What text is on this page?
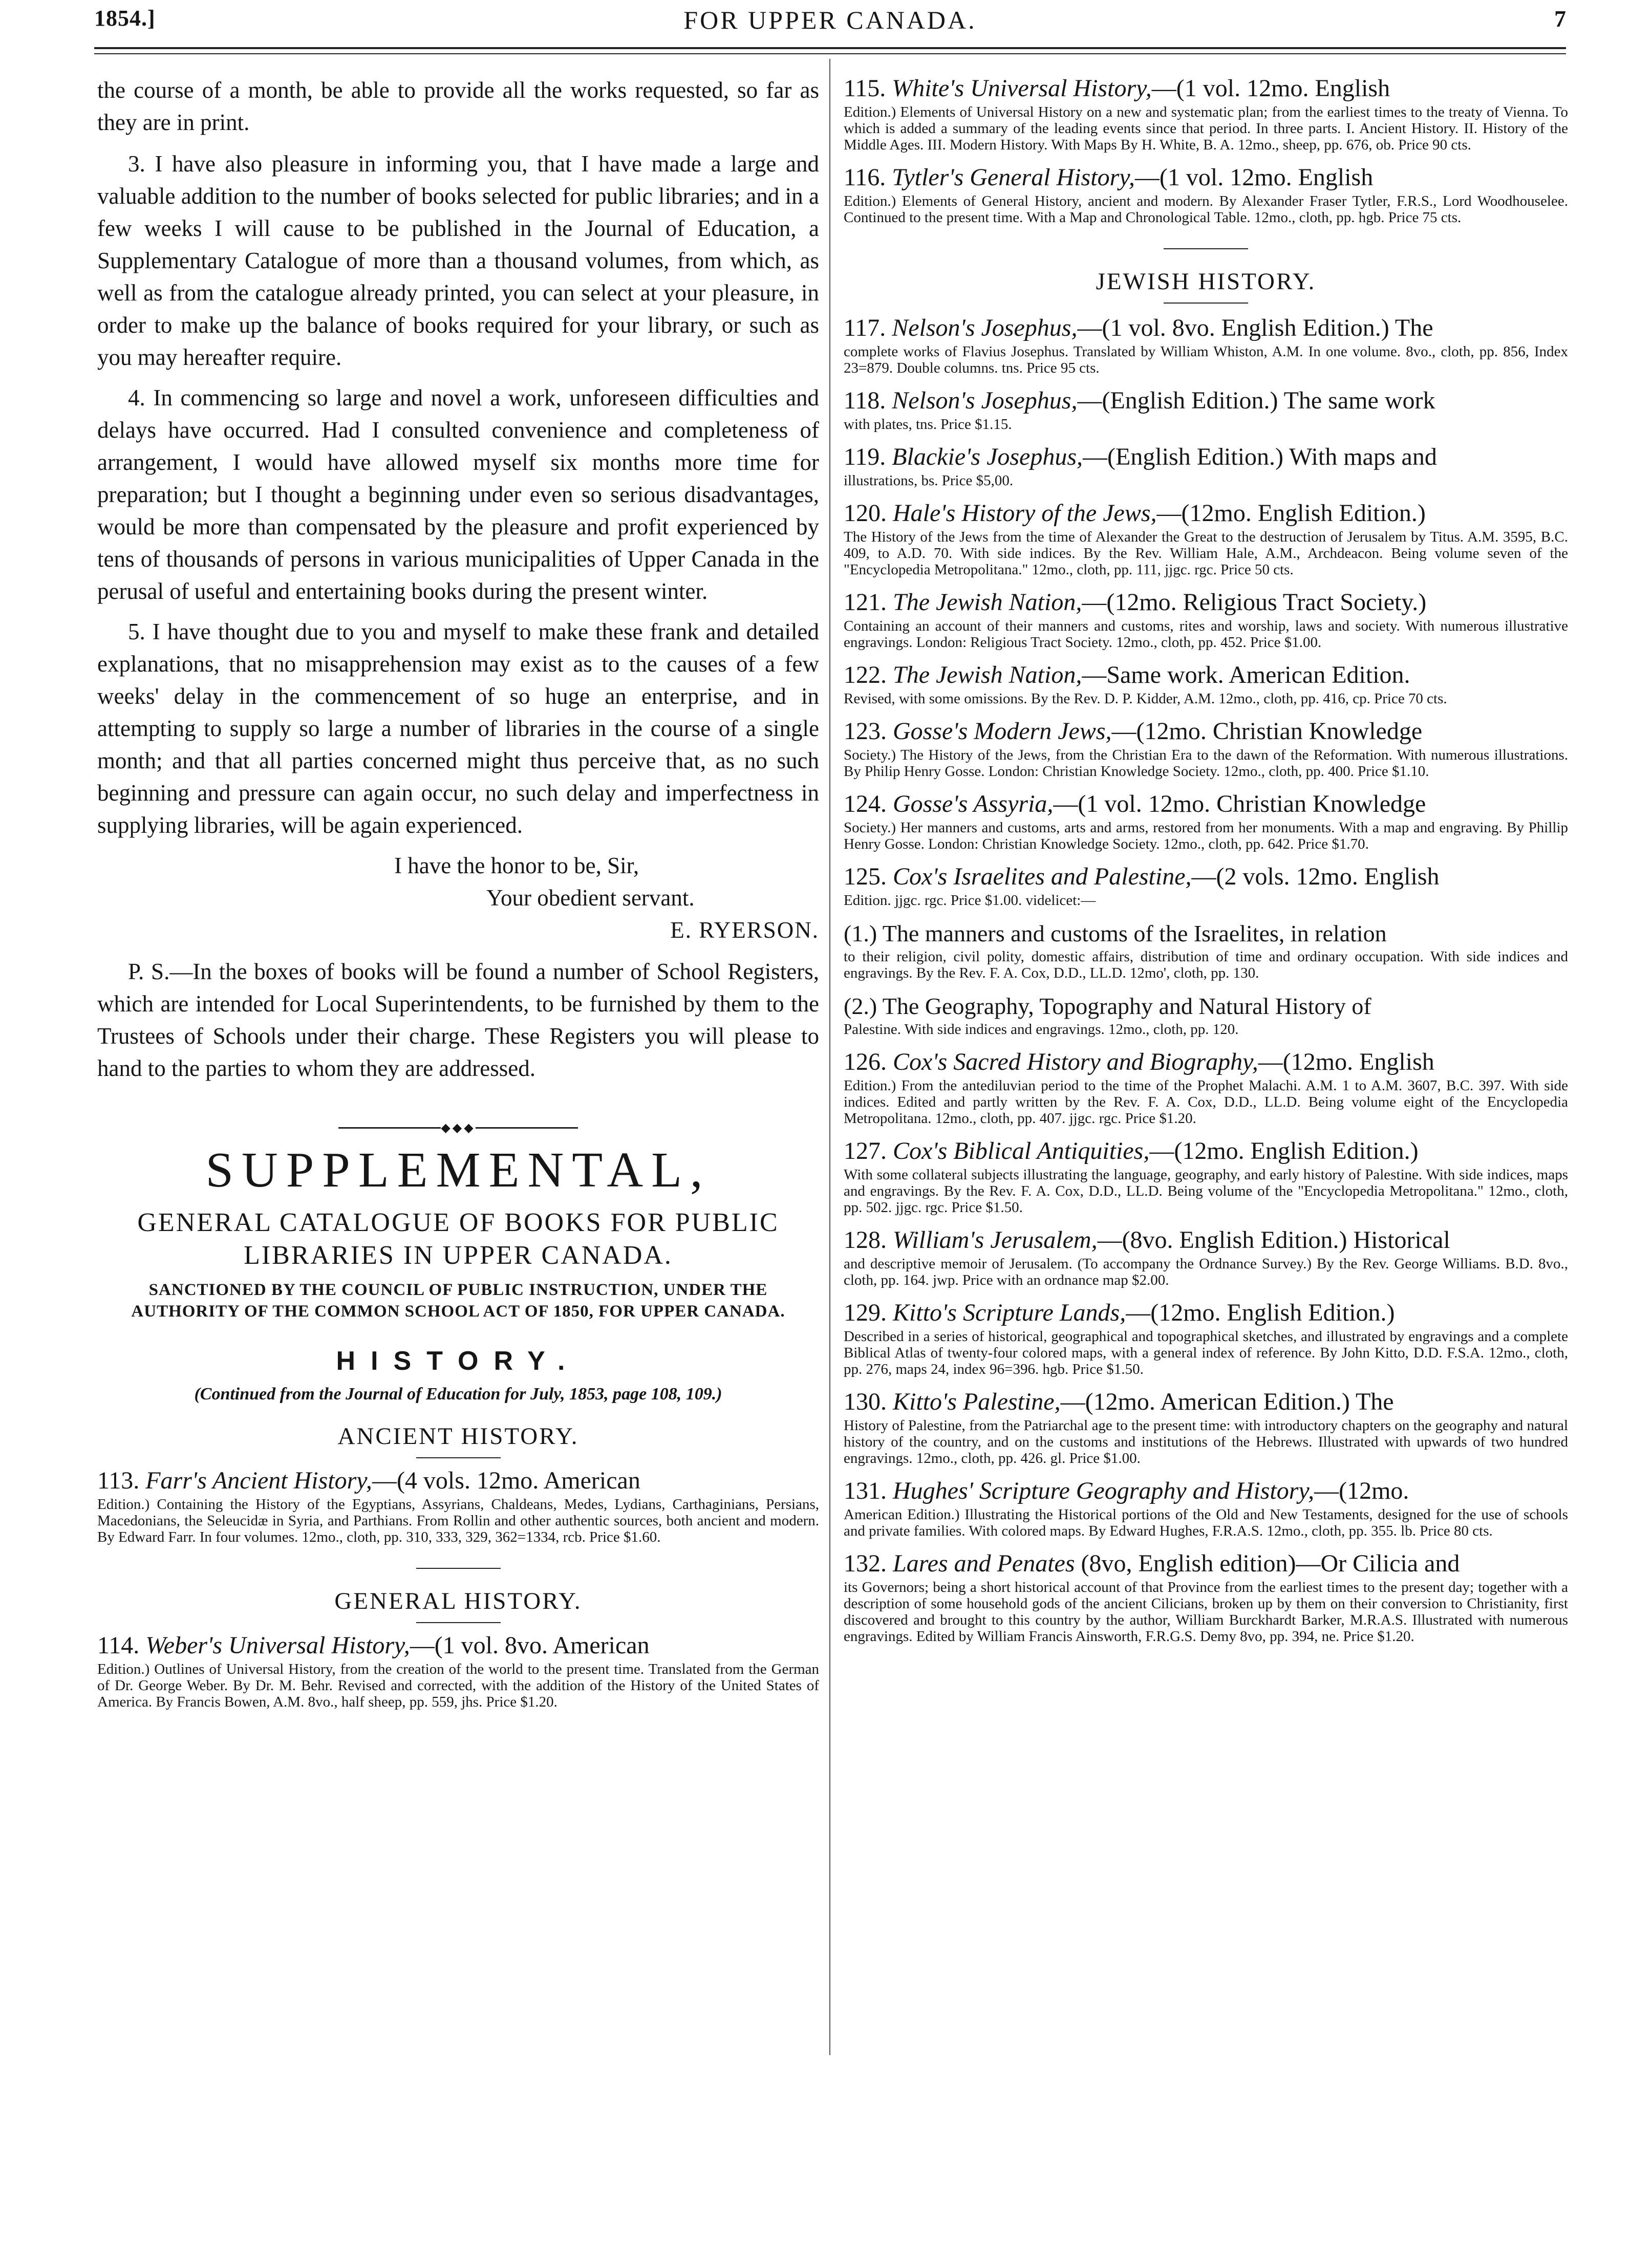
1854.]	FOR UPPER CANADA.	7

the course of a month, be able to provide all the works requested, so far as they are in print.

3. I have also pleasure in informing you, that I have made a large and valuable addition to the number of books selected for public libraries; and in a few weeks I will cause to be published in the Journal of Education, a Supplementary Catalogue of more than a thousand volumes, from which, as well as from the catalogue already printed, you can select at your pleasure, in order to make up the balance of books required for your library, or such as you may hereafter require.

4. In commencing so large and novel a work, unforeseen difficulties and delays have occurred. Had I consulted convenience and completeness of arrangement, I would have allowed myself six months more time for preparation; but I thought a beginning under even so serious disadvantages, would be more than compensated by the pleasure and profit experienced by tens of thousands of persons in various municipalities of Upper Canada in the perusal of useful and entertaining books during the present winter.

5. I have thought due to you and myself to make these frank and detailed explanations, that no misapprehension may exist as to the causes of a few weeks' delay in the commencement of so huge an enterprise, and in attempting to supply so large a number of libraries in the course of a single month; and that all parties concerned might thus perceive that, as no such beginning and pressure can again occur, no such delay and imperfectness in supplying libraries, will be again experienced.

I have the honor to be, Sir,
Your obedient servant.
E. RYERSON.

P. S.—In the boxes of books will be found a number of School Registers, which are intended for Local Superintendents, to be furnished by them to the Trustees of Schools under their charge. These Registers you will please to hand to the parties to whom they are addressed.

◆◆◆
SUPPLEMENTAL,
GENERAL CATALOGUE OF BOOKS FOR PUBLIC LIBRARIES IN UPPER CANADA.
SANCTIONED BY THE COUNCIL OF PUBLIC INSTRUCTION, UNDER THE AUTHORITY OF THE COMMON SCHOOL ACT OF 1850, FOR UPPER CANADA.
HISTORY.
(Continued from the Journal of Education for July, 1853, page 108, 109.)
ANCIENT HISTORY.
113. Farr's Ancient History,—(4 vols. 12mo. American
Edition.) Containing the History of the Egyptians, Assyrians, Chaldeans, Medes, Lydians, Carthaginians, Persians, Macedonians, the Seleucidæ in Syria, and Parthians. From Rollin and other authentic sources, both ancient and modern. By Edward Farr. In four volumes. 12mo., cloth, pp. 310, 333, 329, 362=1334, rcb. Price $1.60.
GENERAL HISTORY.
114. Weber's Universal History,—(1 vol. 8vo. American
Edition.) Outlines of Universal History, from the creation of the world to the present time. Translated from the German of Dr. George Weber. By Dr. M. Behr. Revised and corrected, with the addition of the History of the United States of America. By Francis Bowen, A.M. 8vo., half sheep, pp. 559, jhs. Price $1.20.
115. White's Universal History,—(1 vol. 12mo. English
Edition.) Elements of Universal History on a new and systematic plan; from the earliest times to the treaty of Vienna. To which is added a summary of the leading events since that period. In three parts. I. Ancient History. II. History of the Middle Ages. III. Modern History. With Maps By H. White, B. A. 12mo., sheep, pp. 676, ob. Price 90 cts.
116. Tytler's General History,—(1 vol. 12mo. English
Edition.) Elements of General History, ancient and modern. By Alexander Fraser Tytler, F.R.S., Lord Woodhouselee. Continued to the present time. With a Map and Chronological Table. 12mo., cloth, pp. hgb. Price 75 cts.
JEWISH HISTORY.
117. Nelson's Josephus,—(1 vol. 8vo. English Edition.) The
complete works of Flavius Josephus. Translated by William Whiston, A.M. In one volume. 8vo., cloth, pp. 856, Index 23=879. Double columns. tns. Price 95 cts.
118. Nelson's Josephus,—(English Edition.) The same work
with plates, tns. Price $1.15.
119. Blackie's Josephus,—(English Edition.) With maps and
illustrations, bs. Price $5,00.
120. Hale's History of the Jews,—(12mo. English Edition.)
The History of the Jews from the time of Alexander the Great to the destruction of Jerusalem by Titus. A.M. 3595, B.C. 409, to A.D. 70. With side indices. By the Rev. William Hale, A.M., Archdeacon. Being volume seven of the "Encyclopedia Metropolitana." 12mo., cloth, pp. 111, jjgc. rgc. Price 50 cts.
121. The Jewish Nation,—(12mo. Religious Tract Society.)
Containing an account of their manners and customs, rites and worship, laws and society. With numerous illustrative engravings. London: Religious Tract Society. 12mo., cloth, pp. 452. Price $1.00.
122. The Jewish Nation,—Same work. American Edition.
Revised, with some omissions. By the Rev. D. P. Kidder, A.M. 12mo., cloth, pp. 416, cp. Price 70 cts.
123. Gosse's Modern Jews,—(12mo. Christian Knowledge
Society.) The History of the Jews, from the Christian Era to the dawn of the Reformation. With numerous illustrations. By Philip Henry Gosse. London: Christian Knowledge Society. 12mo., cloth, pp. 400. Price $1.10.
124. Gosse's Assyria,—(1 vol. 12mo. Christian Knowledge
Society.) Her manners and customs, arts and arms, restored from her monuments. With a map and engraving. By Phillip Henry Gosse. London: Christian Knowledge Society. 12mo., cloth, pp. 642. Price $1.70.
125. Cox's Israelites and Palestine,—(2 vols. 12mo. English
Edition. jjgc. rgc. Price $1.00. videlicet:—
(1.) The manners and customs of the Israelites, in relation
to their religion, civil polity, domestic affairs, distribution of time and ordinary occupation. With side indices and engravings. By the Rev. F. A. Cox, D.D., LL.D. 12mo', cloth, pp. 130.
(2.) The Geography, Topography and Natural History of
Palestine. With side indices and engravings. 12mo., cloth, pp. 120.
126. Cox's Sacred History and Biography,—(12mo. English
Edition.) From the antediluvian period to the time of the Prophet Malachi. A.M. 1 to A.M. 3607, B.C. 397. With side indices. Edited and partly written by the Rev. F. A. Cox, D.D., LL.D. Being volume eight of the Encyclopedia Metropolitana. 12mo., cloth, pp. 407. jjgc. rgc. Price $1.20.
127. Cox's Biblical Antiquities,—(12mo. English Edition.)
With some collateral subjects illustrating the language, geography, and early history of Palestine. With side indices, maps and engravings. By the Rev. F. A. Cox, D.D., LL.D. Being volume of the "Encyclopedia Metropolitana." 12mo., cloth, pp. 502. jjgc. rgc. Price $1.50.
128. William's Jerusalem,—(8vo. English Edition.) Historical
and descriptive memoir of Jerusalem. (To accompany the Ordnance Survey.) By the Rev. George Williams. B.D. 8vo., cloth, pp. 164. jwp. Price with an ordnance map $2.00.
129. Kitto's Scripture Lands,—(12mo. English Edition.)
Described in a series of historical, geographical and topographical sketches, and illustrated by engravings and a complete Biblical Atlas of twenty-four colored maps, with a general index of reference. By John Kitto, D.D. F.S.A. 12mo., cloth, pp. 276, maps 24, index 96=396. hgb. Price $1.50.
130. Kitto's Palestine,—(12mo. American Edition.) The
History of Palestine, from the Patriarchal age to the present time: with introductory chapters on the geography and natural history of the country, and on the customs and institutions of the Hebrews. Illustrated with upwards of two hundred engravings. 12mo., cloth, pp. 426. gl. Price $1.00.
131. Hughes' Scripture Geography and History,—(12mo.
American Edition.) Illustrating the Historical portions of the Old and New Testaments, designed for the use of schools and private families. With colored maps. By Edward Hughes, F.R.A.S. 12mo., cloth, pp. 355. lb. Price 80 cts.
132. Lares and Penates (8vo, English edition)—Or Cilicia and
its Governors; being a short historical account of that Province from the earliest times to the present day; together with a description of some household gods of the ancient Cilicians, broken up by them on their conversion to Christianity, first discovered and brought to this country by the author, William Burckhardt Barker, M.R.A.S. Illustrated with numerous engravings. Edited by William Francis Ainsworth, F.R.G.S. Demy 8vo, pp. 394, ne. Price $1.20.
